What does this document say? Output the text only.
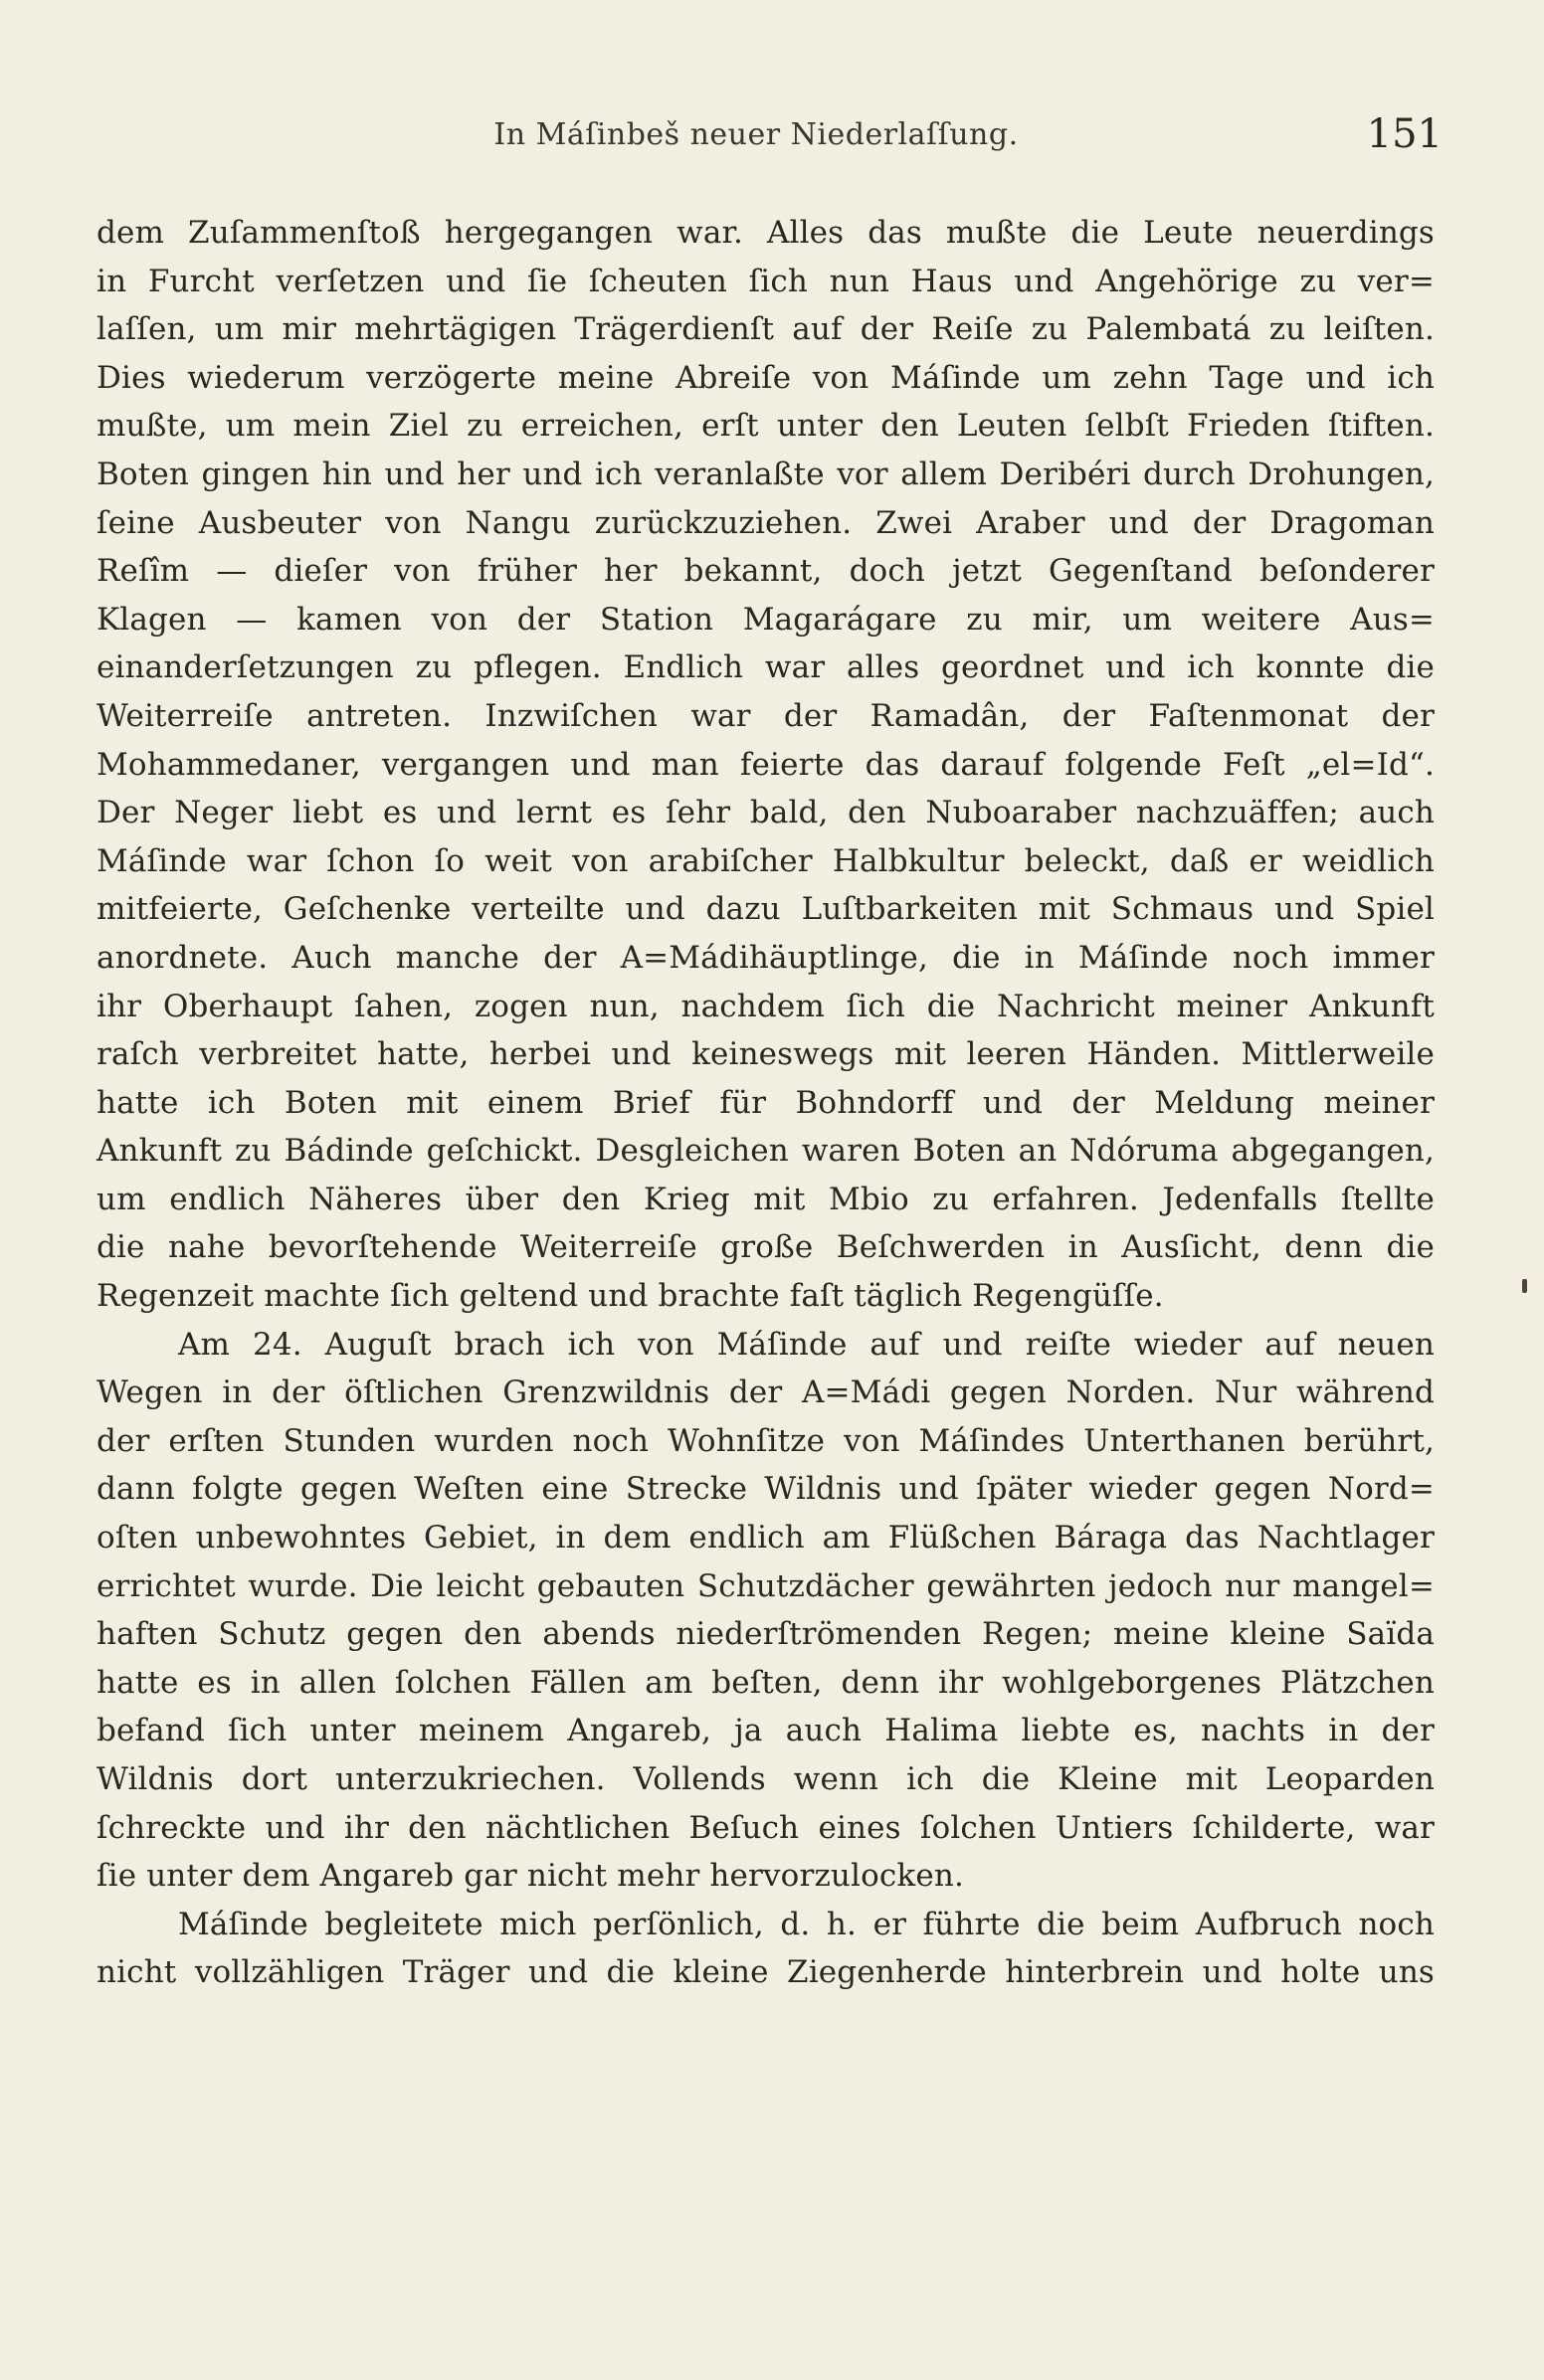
In Máſinbeš neuer Niederlaſſung.	151
dem Zuſammenſtoß hergegangen war. Alles das mußte die Leute neuerdings
in Furcht verſetzen und ſie ſcheuten ſich nun Haus und Angehörige zu ver=
laſſen, um mir mehrtägigen Trägerdienſt auf der Reiſe zu Palembatá zu leiſten.
Dies wiederum verzögerte meine Abreiſe von Máſinde um zehn Tage und ich
mußte, um mein Ziel zu erreichen, erſt unter den Leuten ſelbſt Frieden ſtiften.
Boten gingen hin und her und ich veranlaßte vor allem Deribéri durch Drohungen,
ſeine Ausbeuter von Nangu zurückzuziehen. Zwei Araber und der Dragoman
Reſîm — dieſer von früher her bekannt, doch jetzt Gegenſtand beſonderer
Klagen — kamen von der Station Magarágare zu mir, um weitere Aus=
einanderſetzungen zu pflegen. Endlich war alles geordnet und ich konnte die
Weiterreiſe antreten. Inzwiſchen war der Ramadân, der Faſtenmonat der
Mohammedaner, vergangen und man feierte das darauf folgende Feſt „el=Id“.
Der Neger liebt es und lernt es ſehr bald, den Nuboaraber nachzuäffen; auch
Máſinde war ſchon ſo weit von arabiſcher Halbkultur beleckt, daß er weidlich
mitfeierte, Geſchenke verteilte und dazu Luſtbarkeiten mit Schmaus und Spiel
anordnete. Auch manche der A=Mádihäuptlinge, die in Máſinde noch immer
ihr Oberhaupt ſahen, zogen nun, nachdem ſich die Nachricht meiner Ankunft
raſch verbreitet hatte, herbei und keineswegs mit leeren Händen. Mittlerweile
hatte ich Boten mit einem Brief für Bohndorff und der Meldung meiner
Ankunft zu Bádinde geſchickt. Desgleichen waren Boten an Ndóruma abgegangen,
um endlich Näheres über den Krieg mit Mbio zu erfahren. Jedenfalls ſtellte
die nahe bevorſtehende Weiterreiſe große Beſchwerden in Ausſicht, denn die
Regenzeit machte ſich geltend und brachte faſt täglich Regengüſſe.
Am 24. Auguſt brach ich von Máſinde auf und reiſte wieder auf neuen
Wegen in der öſtlichen Grenzwildnis der A=Mádi gegen Norden. Nur während
der erſten Stunden wurden noch Wohnſitze von Máſindes Unterthanen berührt,
dann folgte gegen Weſten eine Strecke Wildnis und ſpäter wieder gegen Nord=
oſten unbewohntes Gebiet, in dem endlich am Flüßchen Báraga das Nachtlager
errichtet wurde. Die leicht gebauten Schutzdächer gewährten jedoch nur mangel=
haften Schutz gegen den abends niederſtrömenden Regen; meine kleine Saïda
hatte es in allen ſolchen Fällen am beſten, denn ihr wohlgeborgenes Plätzchen
befand ſich unter meinem Angareb, ja auch Halima liebte es, nachts in der
Wildnis dort unterzukriechen. Vollends wenn ich die Kleine mit Leoparden
ſchreckte und ihr den nächtlichen Beſuch eines ſolchen Untiers ſchilderte, war
ſie unter dem Angareb gar nicht mehr hervorzulocken.
Máſinde begleitete mich perſönlich, d. h. er führte die beim Aufbruch noch
nicht vollzähligen Träger und die kleine Ziegenherde hinterbrein und holte uns
